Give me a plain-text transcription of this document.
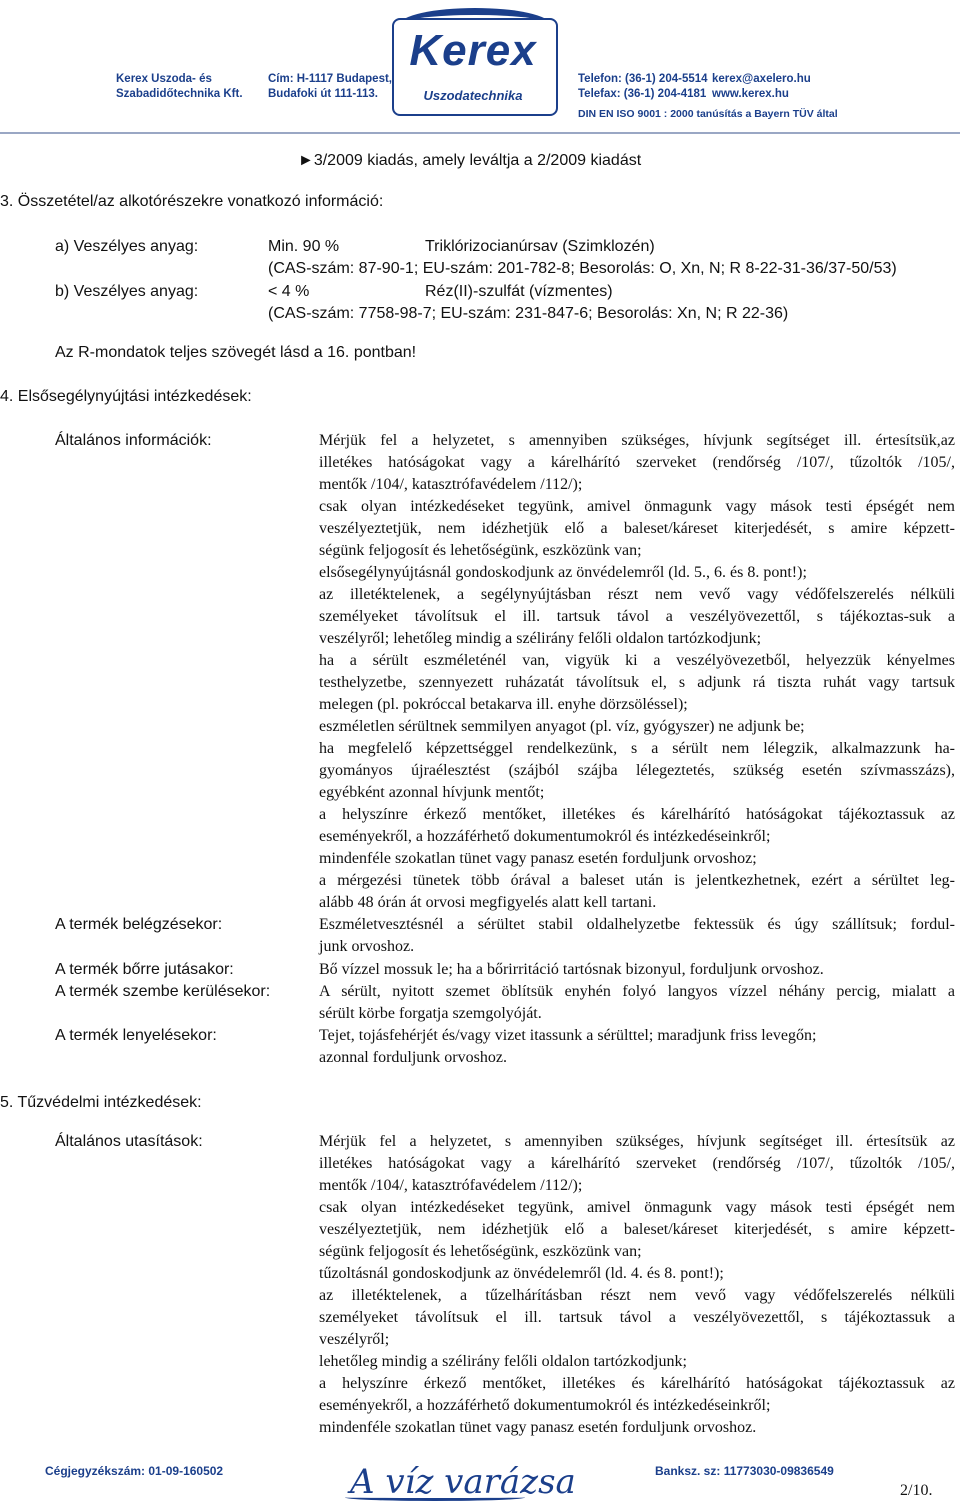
Kerex
Uszodatechnika
Kerex Uszoda- és
Szabadidőtechnika Kft.
Cím: H-1117 Budapest,
Budafoki út 111-113.
Telefon: (36-1) 204-5514
Telefax: (36-1) 204-4181
kerex@axelero.hu
www.kerex.hu
DIN EN ISO 9001 : 2000 tanúsítás a Bayern TÜV által
►3/2009 kiadás, amely leváltja a 2/2009 kiadást
3. Összetétel/az alkotórészekre vonatkozó információ:
a) Veszélyes anyag:	Min. 90 %	Triklórizocianúrsav (Szimklozén)
(CAS-szám: 87-90-1; EU-szám: 201-782-8; Besorolás: O, Xn, N; R 8-22-31-36/37-50/53)
b) Veszélyes anyag:	< 4 %	Réz(II)-szulfát (vízmentes)
(CAS-szám: 7758-98-7; EU-szám: 231-847-6; Besorolás: Xn, N; R 22-36)
Az R-mondatok teljes szövegét lásd a 16. pontban!
4. Elsősegélynyújtási intézkedések:
Általános információk:	Mérjük fel a helyzetet, s amennyiben szükséges, hívjunk segítséget ill. értesítsük,az
illetékes hatóságokat vagy a kárelhárító szerveket (rendőrség /107/, tűzoltók /105/,
mentők /104/, katasztrófavédelem /112/);
csak olyan intézkedéseket tegyünk, amivel önmagunk vagy mások testi épségét nem
veszélyeztetjük, nem idézhetjük elő a baleset/káreset kiterjedését, s amire képzett-
ségünk feljogosít és lehetőségünk, eszközünk van;
elsősegélynyújtásnál gondoskodjunk az önvédelemről (ld. 5., 6. és 8. pont!);
az illetéktelenek, a segélynyújtásban részt nem vevő vagy védőfelszerelés nélküli
személyeket távolítsuk el ill. tartsuk távol a veszélyövezettől, s tájékoztas-suk a
veszélyről; lehetőleg mindig a szélirány felőli oldalon tartózkodjunk;
ha a sérült eszméleténél van, vigyük ki a veszélyövezetből, helyezzük kényelmes
testhelyzetbe, szennyezett ruházatát távolítsuk el, s adjunk rá tiszta ruhát vagy tartsuk
melegen (pl. pokróccal betakarva ill. enyhe dörzsöléssel);
eszméletlen sérültnek semmilyen anyagot (pl. víz, gyógyszer) ne adjunk be;
ha megfelelő képzettséggel rendelkezünk, s a sérült nem lélegzik, alkalmazzunk ha-
gyományos újraélesztést (szájból szájba lélegeztetés, szükség esetén szívmasszázs),
egyébként azonnal hívjunk mentőt;
a helyszínre érkező mentőket, illetékes és kárelhárító hatóságokat tájékoztassuk az
eseményekről, a hozzáférhető dokumentumokról és intézkedéseinkről;
mindenféle szokatlan tünet vagy panasz esetén forduljunk orvoshoz;
a mérgezési tünetek több órával a baleset után is jelentkezhetnek, ezért a sérültet leg-
alább 48 órán át orvosi megfigyelés alatt kell tartani.
A termék belégzésekor:	Eszméletvesztésnél a sérültet stabil oldalhelyzetbe fektessük és úgy szállítsuk; fordul-
junk orvoshoz.
A termék bőrre jutásakor:	Bő vízzel mossuk le; ha a bőrirritáció tartósnak bizonyul, forduljunk orvoshoz.
A termék szembe kerülésekor:	A sérült, nyitott szemet öblítsük enyhén folyó langyos vízzel néhány percig, mialatt a
sérült körbe forgatja szemgolyóját.
A termék lenyelésekor:	Tejet, tojásfehérjét és/vagy vizet itassunk a sérülttel; maradjunk friss levegőn;
azonnal forduljunk orvoshoz.
5. Tűzvédelmi intézkedések:
Általános utasítások:	Mérjük fel a helyzetet, s amennyiben szükséges, hívjunk segítséget ill. értesítsük az
illetékes hatóságokat vagy a kárelhárító szerveket (rendőrség /107/, tűzoltók /105/,
mentők /104/, katasztrófavédelem /112/);
csak olyan intézkedéseket tegyünk, amivel önmagunk vagy mások testi épségét nem
veszélyeztetjük, nem idézhetjük elő a baleset/káreset kiterjedését, s amire képzett-
ségünk feljogosít és lehetőségünk, eszközünk van;
tűzoltásnál gondoskodjunk az önvédelemről (ld. 4. és 8. pont!);
az illetéktelenek, a tűzelhárításban részt nem vevő vagy védőfelszerelés nélküli
személyeket távolítsuk el ill. tartsuk távol a veszélyövezettől, s tájékoztassuk a
veszélyről;
lehetőleg mindig a szélirány felőli oldalon tartózkodjunk;
a helyszínre érkező mentőket, illetékes és kárelhárító hatóságokat tájékoztassuk az
eseményekről, a hozzáférhető dokumentumokról és intézkedéseinkről;
mindenféle szokatlan tünet vagy panasz esetén forduljunk orvoshoz.
Cégjegyzékszám: 01-09-160502	A víz varázsa	Banksz. sz: 11773030-09836549
2/10.
